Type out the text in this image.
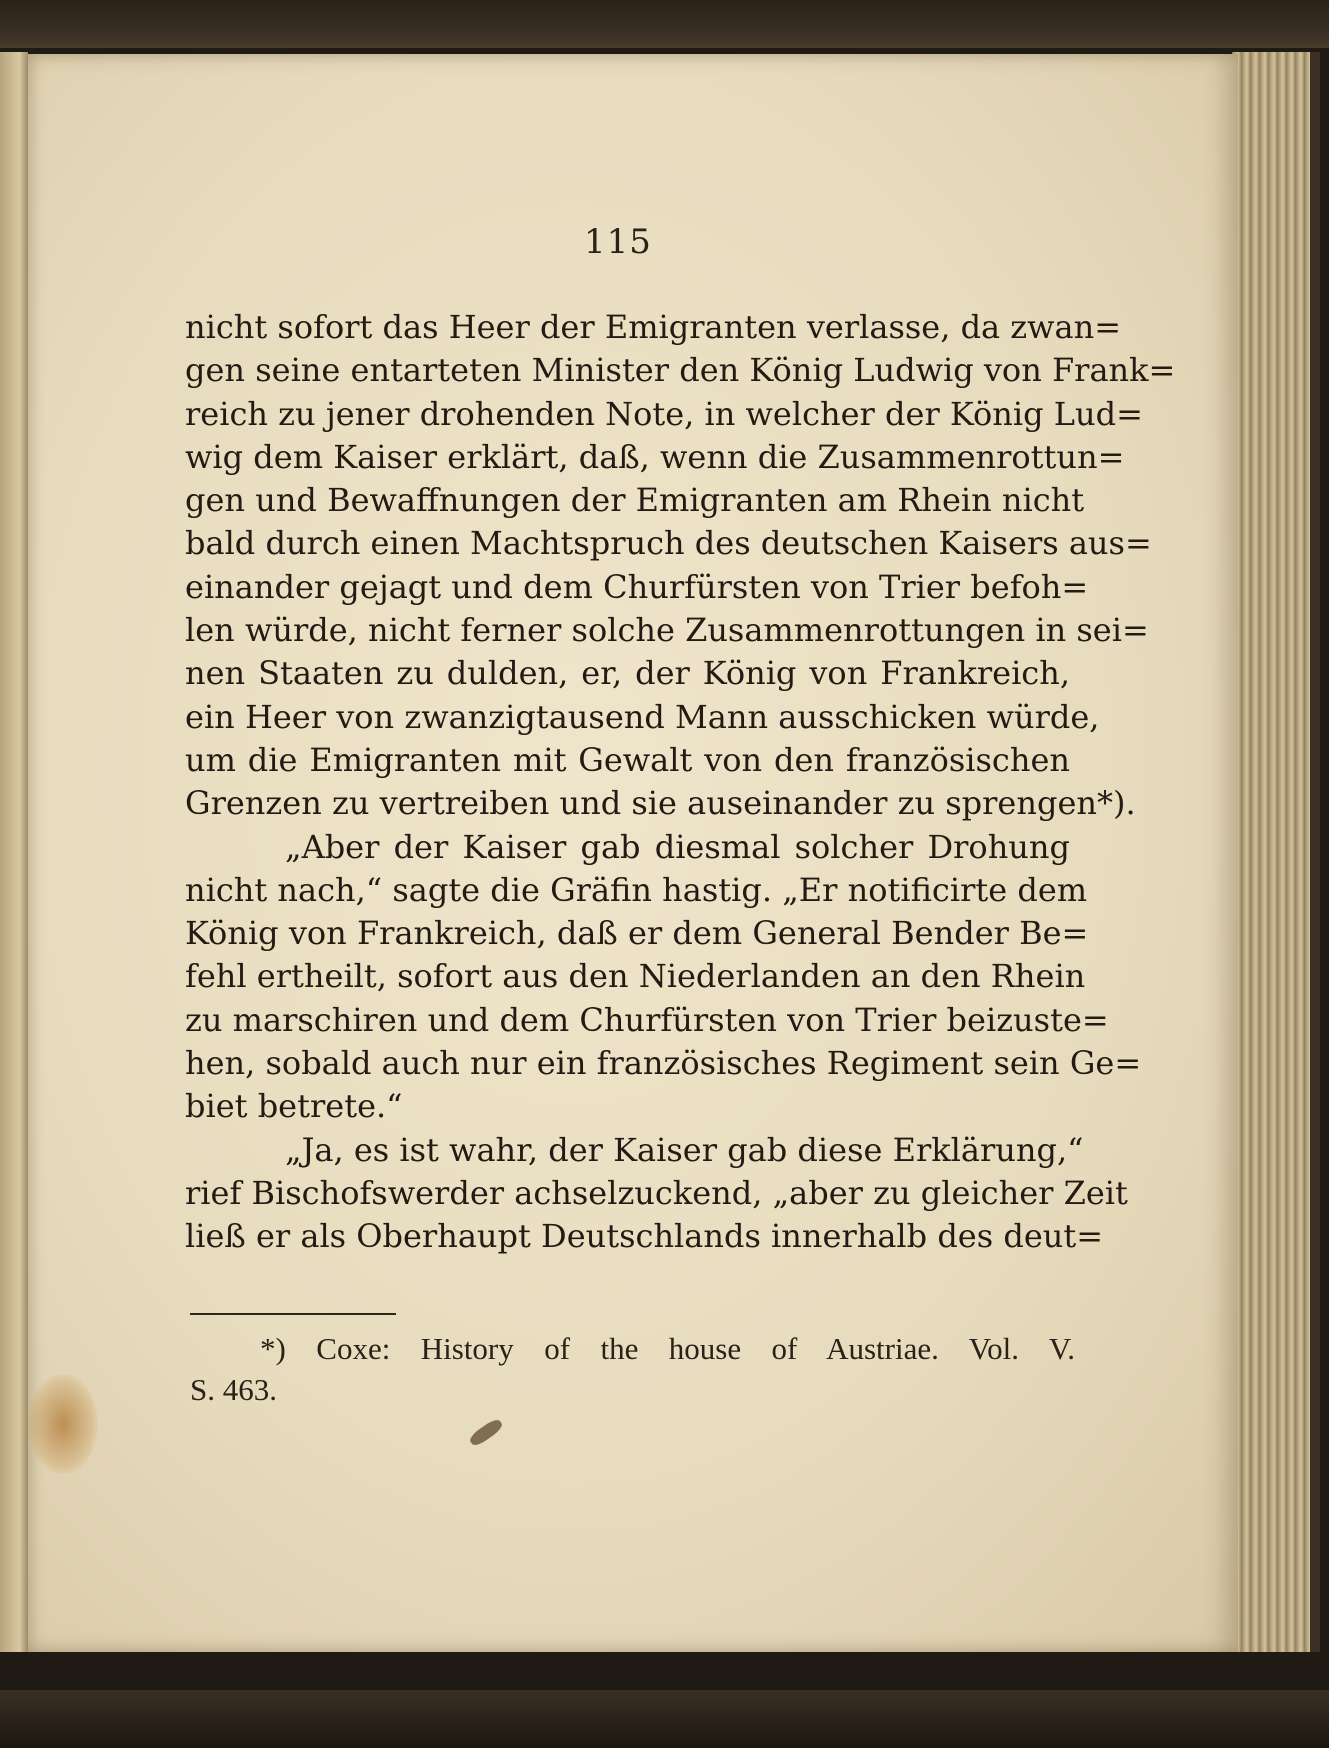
115
nicht sofort das Heer der Emigranten verlasse, da zwan=
gen seine entarteten Minister den König Ludwig von Frank=
reich zu jener drohenden Note, in welcher der König Lud=
wig dem Kaiser erklärt, daß, wenn die Zusammenrottun=
gen und Bewaffnungen der Emigranten am Rhein nicht
bald durch einen Machtspruch des deutschen Kaisers aus=
einander gejagt und dem Churfürsten von Trier befoh=
len würde, nicht ferner solche Zusammenrottungen in sei=
nen Staaten zu dulden, er, der König von Frankreich,
ein Heer von zwanzigtausend Mann ausschicken würde,
um die Emigranten mit Gewalt von den französischen
Grenzen zu vertreiben und sie auseinander zu sprengen*).
„Aber der Kaiser gab diesmal solcher Drohung
nicht nach,“ sagte die Gräfin hastig. „Er notificirte dem
König von Frankreich, daß er dem General Bender Be=
fehl ertheilt, sofort aus den Niederlanden an den Rhein
zu marschiren und dem Churfürsten von Trier beizuste=
hen, sobald auch nur ein französisches Regiment sein Ge=
biet betrete.“
„Ja, es ist wahr, der Kaiser gab diese Erklärung,“
rief Bischofswerder achselzuckend, „aber zu gleicher Zeit
ließ er als Oberhaupt Deutschlands innerhalb des deut=
*) Coxe: History of the house of Austriae. Vol. V.
S. 463.
